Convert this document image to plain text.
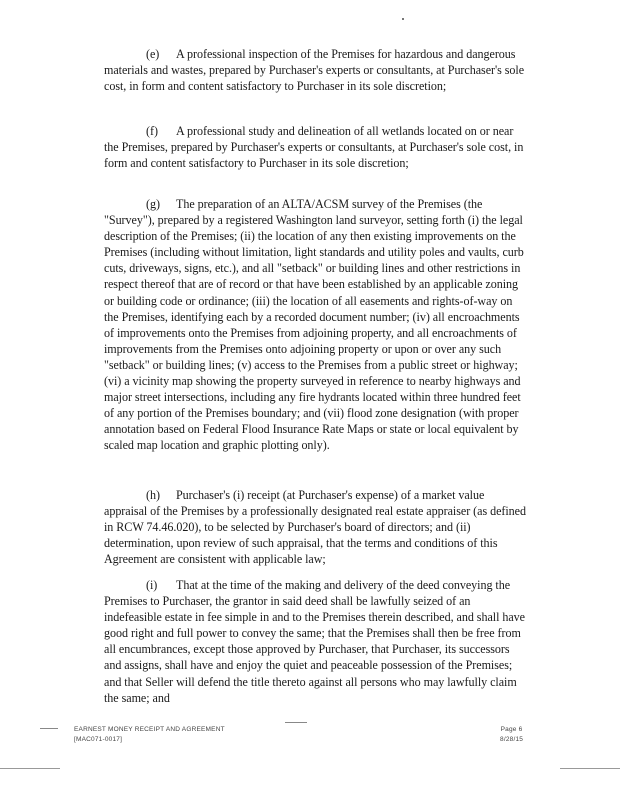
(e) A professional inspection of the Premises for hazardous and dangerous materials and wastes, prepared by Purchaser's experts or consultants, at Purchaser's sole cost, in form and content satisfactory to Purchaser in its sole discretion;
(f) A professional study and delineation of all wetlands located on or near the Premises, prepared by Purchaser's experts or consultants, at Purchaser's sole cost, in form and content satisfactory to Purchaser in its sole discretion;
(g) The preparation of an ALTA/ACSM survey of the Premises (the "Survey"), prepared by a registered Washington land surveyor, setting forth (i) the legal description of the Premises; (ii) the location of any then existing improvements on the Premises (including without limitation, light standards and utility poles and vaults, curb cuts, driveways, signs, etc.), and all "setback" or building lines and other restrictions in respect thereof that are of record or that have been established by an applicable zoning or building code or ordinance; (iii) the location of all easements and rights-of-way on the Premises, identifying each by a recorded document number; (iv) all encroachments of improvements onto the Premises from adjoining property, and all encroachments of improvements from the Premises onto adjoining property or upon or over any such "setback" or building lines; (v) access to the Premises from a public street or highway; (vi) a vicinity map showing the property surveyed in reference to nearby highways and major street intersections, including any fire hydrants located within three hundred feet of any portion of the Premises boundary; and (vii) flood zone designation (with proper annotation based on Federal Flood Insurance Rate Maps or state or local equivalent by scaled map location and graphic plotting only).
(h) Purchaser's (i) receipt (at Purchaser's expense) of a market value appraisal of the Premises by a professionally designated real estate appraiser (as defined in RCW 74.46.020), to be selected by Purchaser's board of directors; and (ii) determination, upon review of such appraisal, that the terms and conditions of this Agreement are consistent with applicable law;
(i) That at the time of the making and delivery of the deed conveying the Premises to Purchaser, the grantor in said deed shall be lawfully seized of an indefeasible estate in fee simple in and to the Premises therein described, and shall have good right and full power to convey the same; that the Premises shall then be free from all encumbrances, except those approved by Purchaser, that Purchaser, its successors and assigns, shall have and enjoy the quiet and peaceable possession of the Premises; and that Seller will defend the title thereto against all persons who may lawfully claim the same; and
EARNEST MONEY RECEIPT AND AGREEMENT
[MAC071-0017]
Page 6
8/28/15
